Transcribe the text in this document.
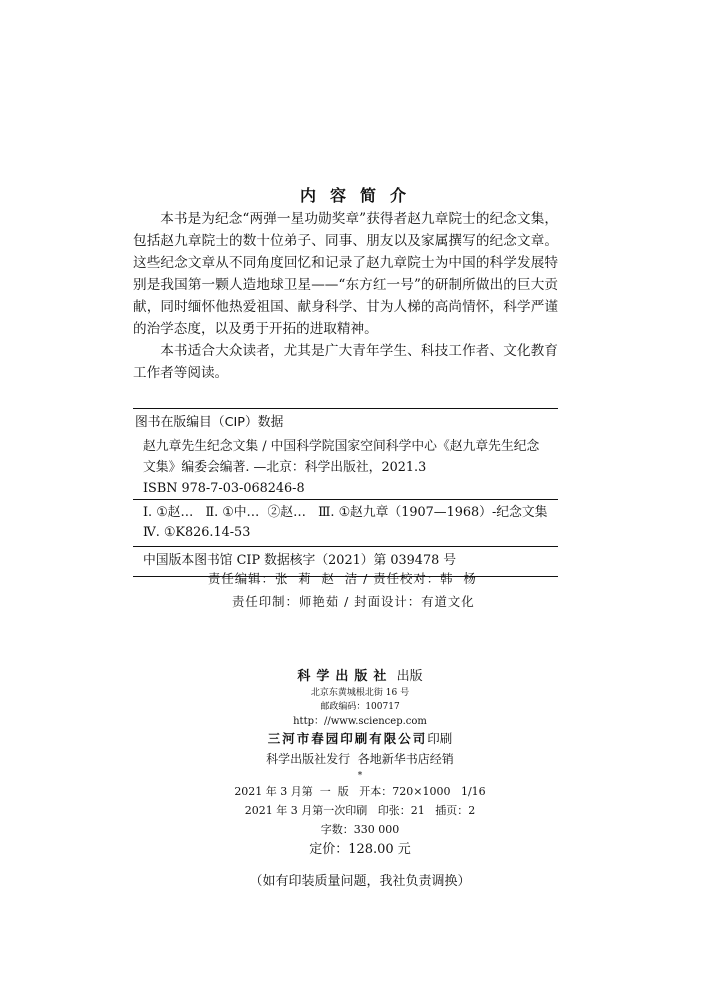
内容简介

本书是为纪念“两弹一星功勋奖章”获得者赵九章院士的纪念文集，包括赵九章院士的数十位弟子、同事、朋友以及家属撰写的纪念文章。这些纪念文章从不同角度回忆和记录了赵九章院士为中国的科学发展特别是我国第一颗人造地球卫星——“东方红一号”的研制所做出的巨大贡献，同时缅怀他热爱祖国、献身科学、甘为人梯的高尚情怀，科学严谨的治学态度，以及勇于开拓的进取精神。

本书适合大众读者，尤其是广大青年学生、科技工作者、文化教育工作者等阅读。

图书在版编目（CIP）数据
赵九章先生纪念文集 / 中国科学院国家空间科学中心《赵九章先生纪念
文集》编委会编著. —北京：科学出版社，2021.3
ISBN 978-7-03-068246-8
Ⅰ. ①赵…   Ⅱ. ①中…  ②赵…   Ⅲ. ①赵九章（1907—1968）-纪念文集
Ⅳ. ①K826.14-53
中国版本图书馆 CIP 数据核字（2021）第 039478 号
责任编辑：张  莉  赵  洁 / 责任校对：韩  杨
责任印制：师艳茹 / 封面设计：有道文化
科学出版社 出版
北京东黄城根北街 16 号
邮政编码：100717
http：//www.sciencep.com
三河市春园印刷有限公司印刷
科学出版社发行  各地新华书店经销
*
2021 年 3 月第  一  版   开本：720×1000   1/16
2021 年 3 月第一次印刷   印张：21   插页：2
字数：330 000
定价：128.00 元
（如有印装质量问题，我社负责调换）
